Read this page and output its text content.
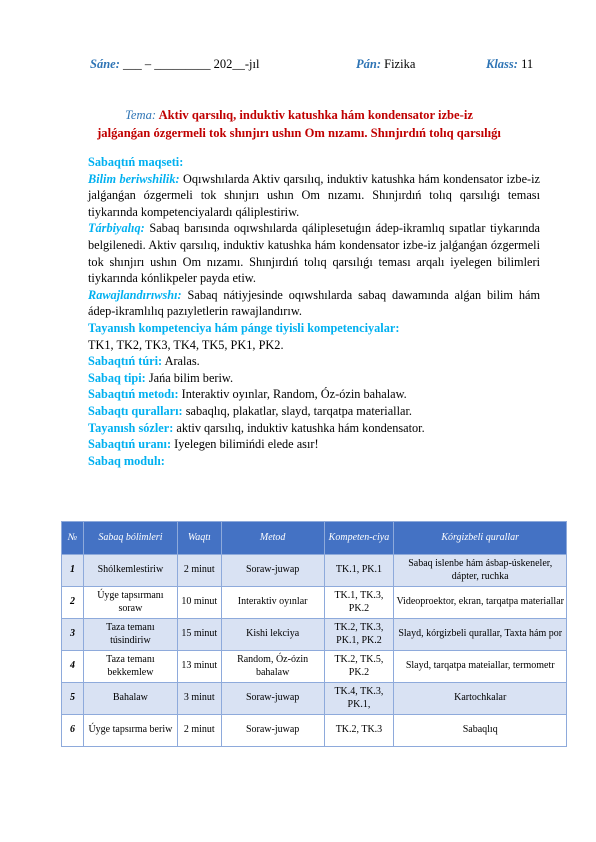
Sáne: ___ – _________ 202__-jıl	Pán: Fizika	Klass: 11
Tema: Aktiv qarsılıq, induktiv katushka hám kondensator izbe-iz
jalǵanǵan ózgermeli tok shınjırı ushın Om nızamı. Shınjırdıń tolıq qarsılıǵı

Sabaqtıń maqseti:

Bilim beriwshilik: Oqıwshılarda Aktiv qarsılıq, induktiv katushka hám kondensator izbe-iz jalǵanǵan ózgermeli tok shınjırı ushın Om nızamı. Shınjırdıń tolıq qarsılıǵı teması tiykarında kompetenciyalardı qáliplestiriw.

Tárbiyalıq: Sabaq barısında oqıwshılarda qáliplesetuǵın ádep-ikramlıq sıpatlar tiykarında belgilenedi. Aktiv qarsılıq, induktiv katushka hám kondensator izbe-iz jalǵanǵan ózgermeli tok shınjırı ushın Om nızamı. Shınjırdıń tolıq qarsılıǵı teması arqalı iyelegen bilimleri tiykarında kónlikpeler payda etiw.

Rawajlandırıwshı: Sabaq nátiyjesinde oqıwshılarda sabaq dawamında alǵan bilim hám ádep-ikramlılıq pazıyletlerin rawajlandırıw.

Tayanısh kompetenciya hám pánge tiyisli kompetenciyalar:

TK1, TK2, TK3, TK4, TK5, PK1, PK2.

Sabaqtıń túri: Aralas.

Sabaq tipi: Jańa bilim beriw.

Sabaqtıń metodı: Interaktiv oyınlar, Random, Óz-ózin bahalaw.

Sabaqtı quralları: sabaqlıq, plakatlar, slayd, tarqatpa materiallar.

Tayanısh sózler: aktiv qarsılıq, induktiv katushka hám kondensator.

Sabaqtıń uranı: Iyelegen bilimińdi elede asır!

Sabaq modulı:

№	Sabaq bólimleri	Waqtı	Metod	Kompeten-ciya	Kórgizbeli qurallar
1	Shólkemlestiriw	2 minut	Soraw-juwap	TK.1, PK.1	Sabaq islenbe hám ásbap-úskeneler, dápter, ruchka
2	Úyge tapsırmanı soraw	10 minut	Interaktiv oyınlar	TK.1, TK.3, PK.2	Videoproektor, ekran, tarqatpa materiallar
3	Taza temanı túsindiriw	15 minut	Kishi lekciya	TK.2, TK.3, PK.1, PK.2	Slayd, kórgizbeli qurallar, Taxta hám por
4	Taza temanı bekkemlew	13 minut	Random, Óz-ózin bahalaw	TK.2, TK.5, PK.2	Slayd, tarqatpa mateiallar, termometr
5	Bahalaw	3 minut	Soraw-juwap	TK.4, TK.3, PK.1,	Kartochkalar
6	Úyge tapsırma beriw	2 minut	Soraw-juwap	TK.2, TK.3	Sabaqlıq
